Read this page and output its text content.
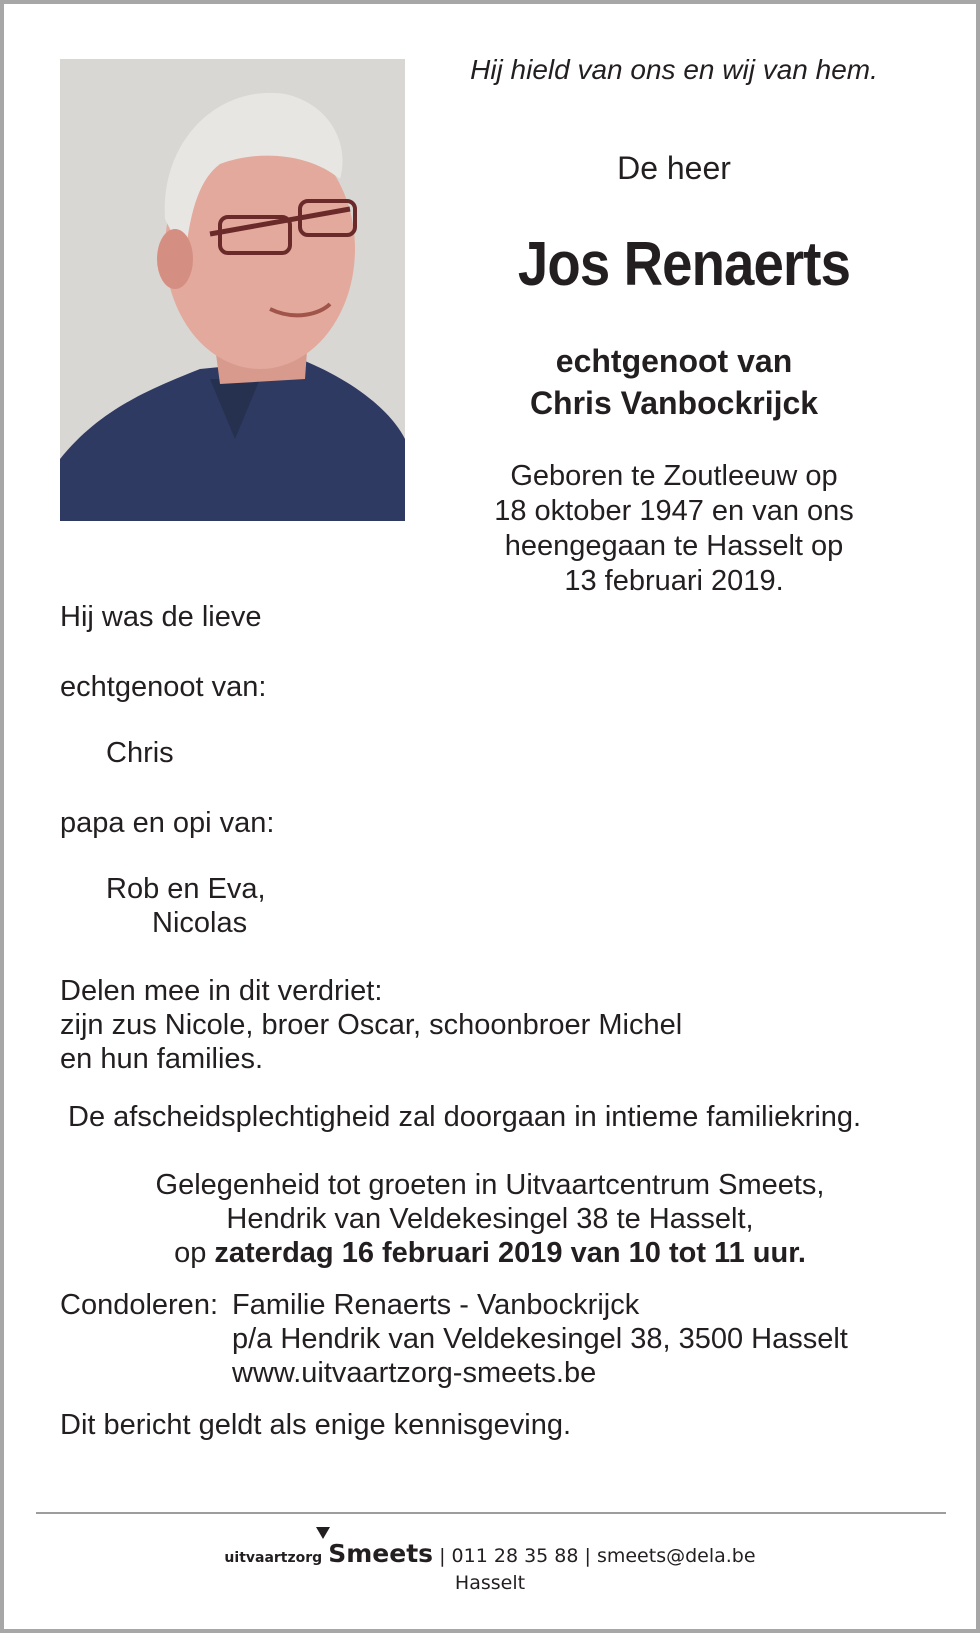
Hij hield van ons en wij van hem.
De heer
Jos Renaerts
echtgenoot van
Chris Vanbockrijck
Geboren te Zoutleeuw op
18 oktober 1947 en van ons
heengegaan te Hasselt op
13 februari 2019.
Hij was de lieve
echtgenoot van:
Chris
papa en opi van:
Rob en Eva,
Nicolas
Delen mee in dit verdriet:
zijn zus Nicole, broer Oscar, schoonbroer Michel
en hun families.
De afscheidsplechtigheid zal doorgaan in intieme familiekring.
Gelegenheid tot groeten in Uitvaartcentrum Smeets,
Hendrik van Veldekesingel 38 te Hasselt,
op zaterdag 16 februari 2019 van 10 tot 11 uur.
Condoleren: Familie Renaerts - Vanbockrijck
p/a Hendrik van Veldekesingel 38, 3500 Hasselt
www.uitvaartzorg-smeets.be
Dit bericht geldt als enige kennisgeving.
uitvaartzorg Smeets | 011 28 35 88 | smeets@dela.be
Hasselt
